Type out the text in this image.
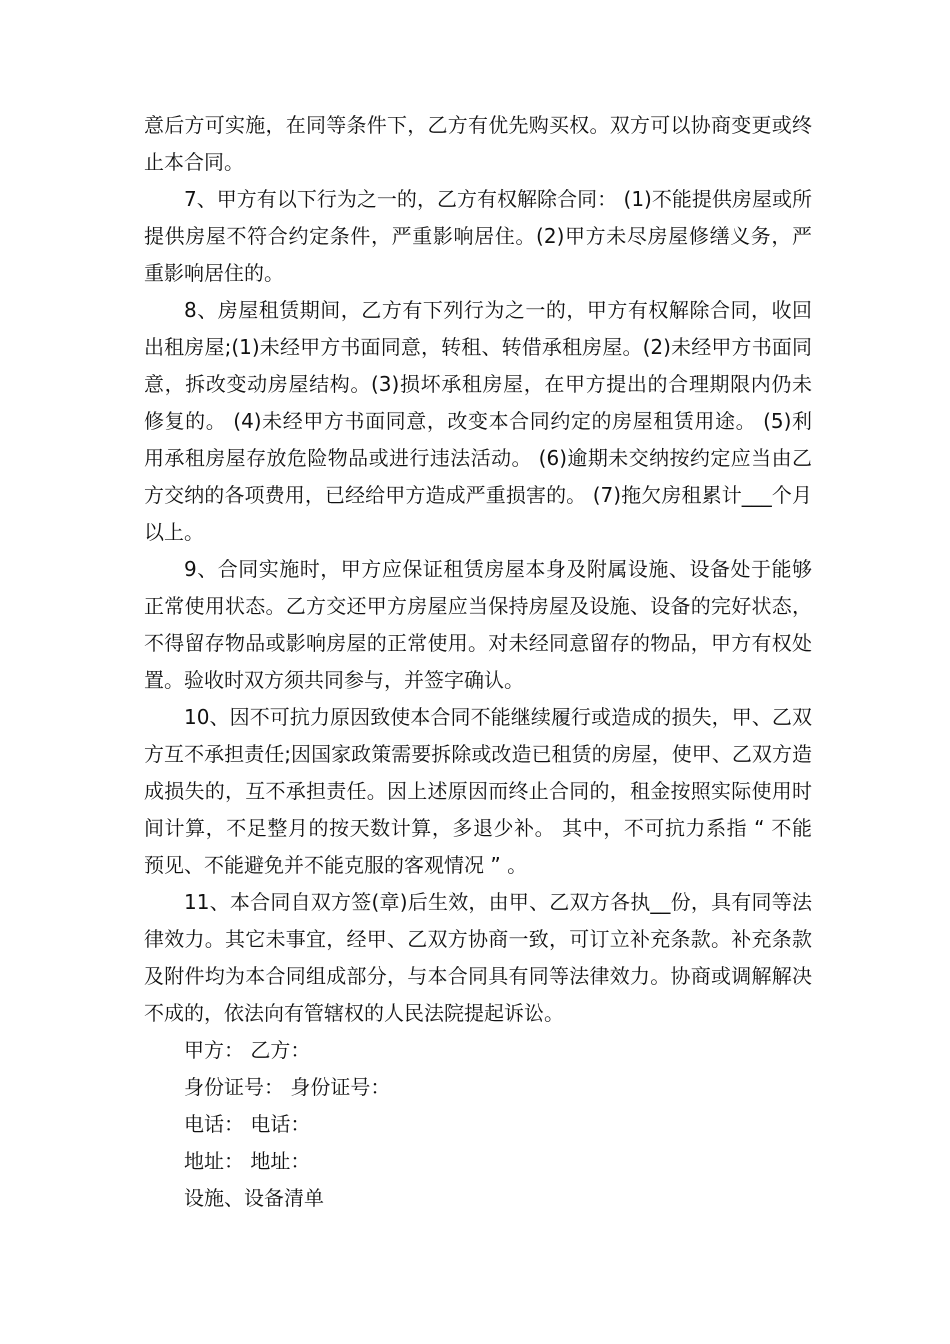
意后方可实施，在同等条件下，乙方有优先购买权。双方可以协商变更或终止本合同。

7、甲方有以下行为之一的，乙方有权解除合同： (1)不能提供房屋或所提供房屋不符合约定条件，严重影响居住。(2)甲方未尽房屋修缮义务，严重影响居住的。

8、房屋租赁期间，乙方有下列行为之一的，甲方有权解除合同，收回出租房屋;(1)未经甲方书面同意，转租、转借承租房屋。(2)未经甲方书面同意，拆改变动房屋结构。(3)损坏承租房屋，在甲方提出的合理期限内仍未修复的。 (4)未经甲方书面同意，改变本合同约定的房屋租赁用途。 (5)利用承租房屋存放危险物品或进行违法活动。 (6)逾期未交纳按约定应当由乙方交纳的各项费用，已经给甲方造成严重损害的。 (7)拖欠房租累计___个月以上。

9、合同实施时，甲方应保证租赁房屋本身及附属设施、设备处于能够正常使用状态。乙方交还甲方房屋应当保持房屋及设施、设备的完好状态，不得留存物品或影响房屋的正常使用。对未经同意留存的物品，甲方有权处置。验收时双方须共同参与，并签字确认。

10、因不可抗力原因致使本合同不能继续履行或造成的损失，甲、乙双方互不承担责任;因国家政策需要拆除或改造已租赁的房屋，使甲、乙双方造成损失的，互不承担责任。因上述原因而终止合同的，租金按照实际使用时间计算，不足整月的按天数计算，多退少补。 其中，不可抗力系指 “ 不能预见、不能避免并不能克服的客观情况 ” 。

11、本合同自双方签(章)后生效，由甲、乙双方各执__份，具有同等法律效力。其它未事宜，经甲、乙双方协商一致，可订立补充条款。补充条款及附件均为本合同组成部分，与本合同具有同等法律效力。协商或调解解决不成的，依法向有管辖权的人民法院提起诉讼。

甲方： 乙方：

身份证号： 身份证号：

电话： 电话：

地址： 地址：

设施、设备清单
